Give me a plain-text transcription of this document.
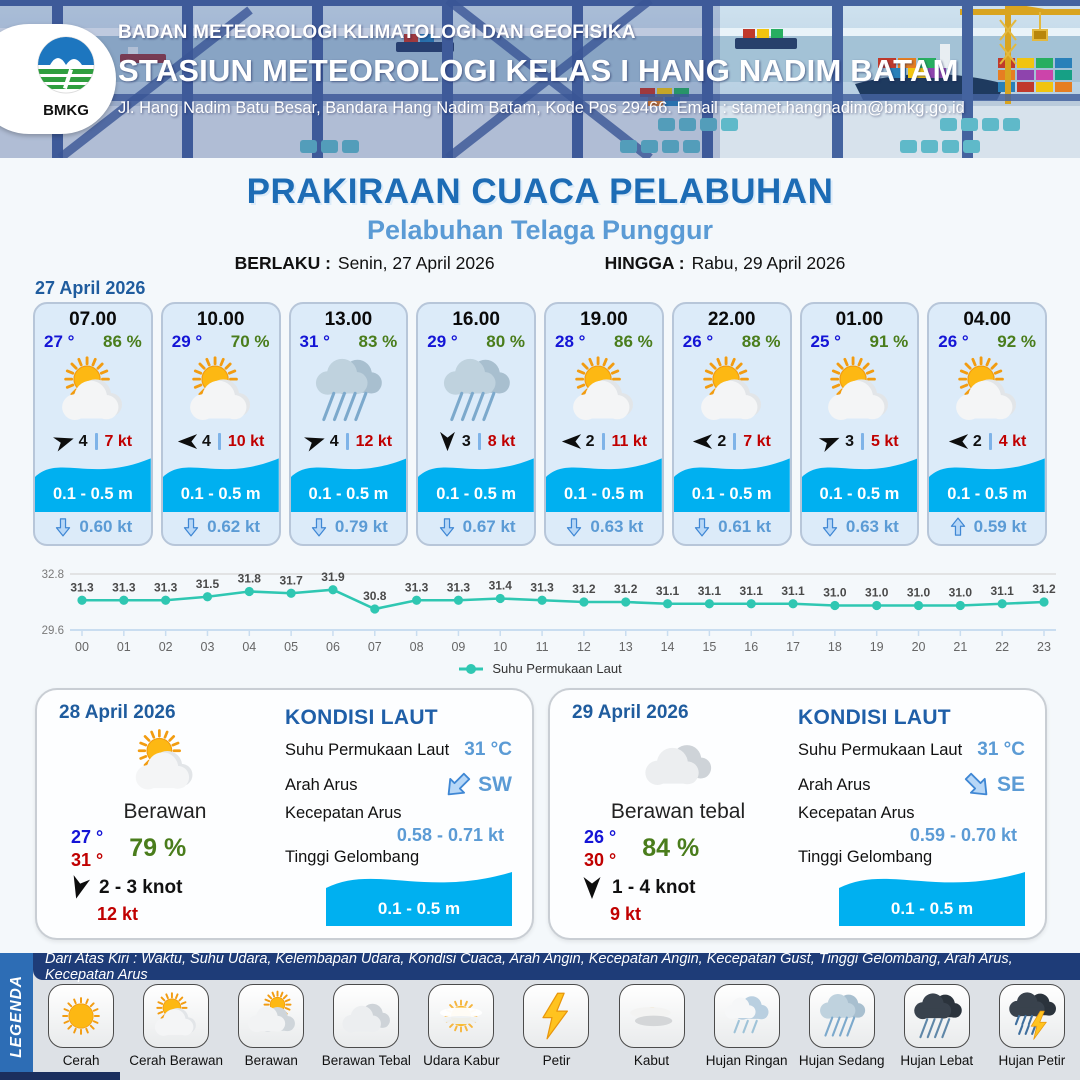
BMKG
BADAN METEOROLOGI KLIMATOLOGI DAN GEOFISIKA
STASIUN METEOROLOGI KELAS I HANG NADIM BATAM
Jl. Hang Nadim Batu Besar, Bandara Hang Nadim Batam, Kode Pos 29466. Email : stamet.hangnadim@bmkg.go.id
PRAKIRAAN CUACA PELABUHAN
Pelabuhan Telaga Punggur
BERLAKU : Senin, 27 April 2026	HINGGA : Rabu, 29 April 2026
27 April 2026
07.00
27 ° 86 %
4 7 kt
0.1 - 0.5 m
0.60 kt
10.00
29 ° 70 %
4 10 kt
0.1 - 0.5 m
0.62 kt
13.00
31 ° 83 %
4 12 kt
0.1 - 0.5 m
0.79 kt
16.00
29 ° 80 %
3 8 kt
0.1 - 0.5 m
0.67 kt
19.00
28 ° 86 %
2 11 kt
0.1 - 0.5 m
0.63 kt
22.00
26 ° 88 %
2 7 kt
0.1 - 0.5 m
0.61 kt
01.00
25 ° 91 %
3 5 kt
0.1 - 0.5 m
0.63 kt
04.00
26 ° 92 %
2 4 kt
0.1 - 0.5 m
0.59 kt
32.8
29.6
00 01 02 03 04 05 06 07 08 09 10 11 12 13 14 15 16 17 18 19 20 21 22 23
31.3 31.3 31.3 31.5 31.8 31.7 31.9
30.8
31.3 31.3 31.4 31.3 31.2 31.2 31.1 31.1 31.1 31.1 31.0 31.0 31.0 31.0 31.1 31.2
Suhu Permukaan Laut
28 April 2026
Berawan
27 °
31 ° 79 %
2 - 3 knot
12 kt
KONDISI LAUT
Suhu Permukaan Laut 31 °C
Arah Arus	SW
Kecepatan Arus
0.58 - 0.71 kt
Tinggi Gelombang
0.1 - 0.5 m
29 April 2026
Berawan tebal
26 °
30 ° 84 %
1 - 4 knot
9 kt
KONDISI LAUT
Suhu Permukaan Laut 31 °C
Arah Arus	SE
Kecepatan Arus
0.59 - 0.70 kt
Tinggi Gelombang
0.1 - 0.5 m
Dari Atas Kiri : Waktu, Suhu Udara, Kelembapan Udara, Kondisi Cuaca, Arah Angin, Kecepatan Angin, Kecepatan Gust, Tinggi Gelombang, Arah Arus, Kecepatan Arus
Cerah Cerah Berawan Berawan Berawan Tebal Udara Kabur	Petir	Kabut	Hujan Ringan Hujan Sedang Hujan Lebat Hujan Petir
LEGENDA
